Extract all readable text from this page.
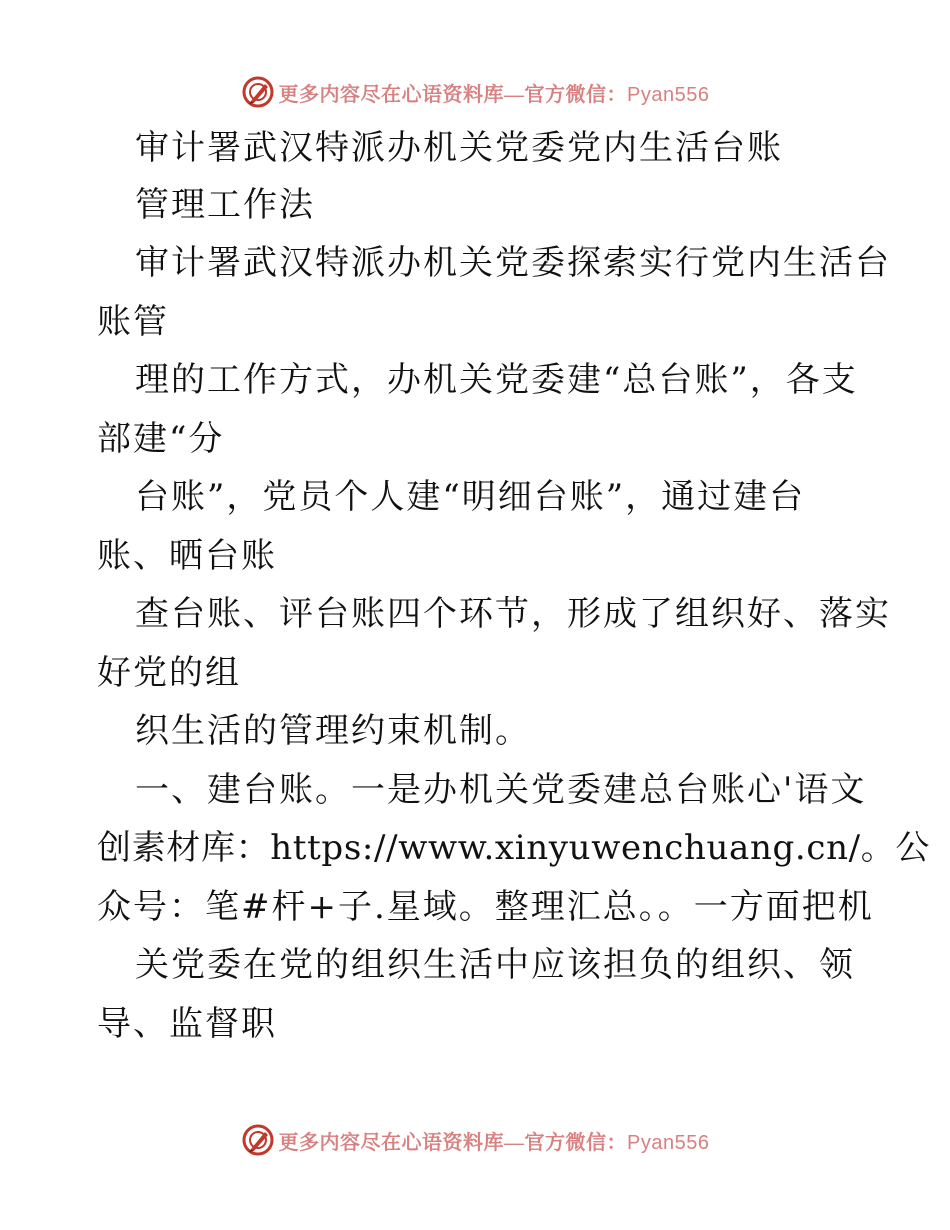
更多内容尽在心语资料库—官方微信：Pyan556
审计署武汉特派办机关党委党内生活台账
管理工作法
审计署武汉特派办机关党委探索实行党内生活台
账管
理的工作方式，办机关党委建“总台账”，各支
部建“分
台账”，党员个人建“明细台账”，通过建台
账、晒台账
查台账、评台账四个环节，形成了组织好、落实
好党的组
织生活的管理约束机制。
一、建台账。一是办机关党委建总台账心'语文
创素材库：https://www.xinyuwenchuang.cn/。公
众号：笔#杆+子.星域。整理汇总。。一方面把机
关党委在党的组织生活中应该担负的组织、领
导、监督职
更多内容尽在心语资料库—官方微信：Pyan556
